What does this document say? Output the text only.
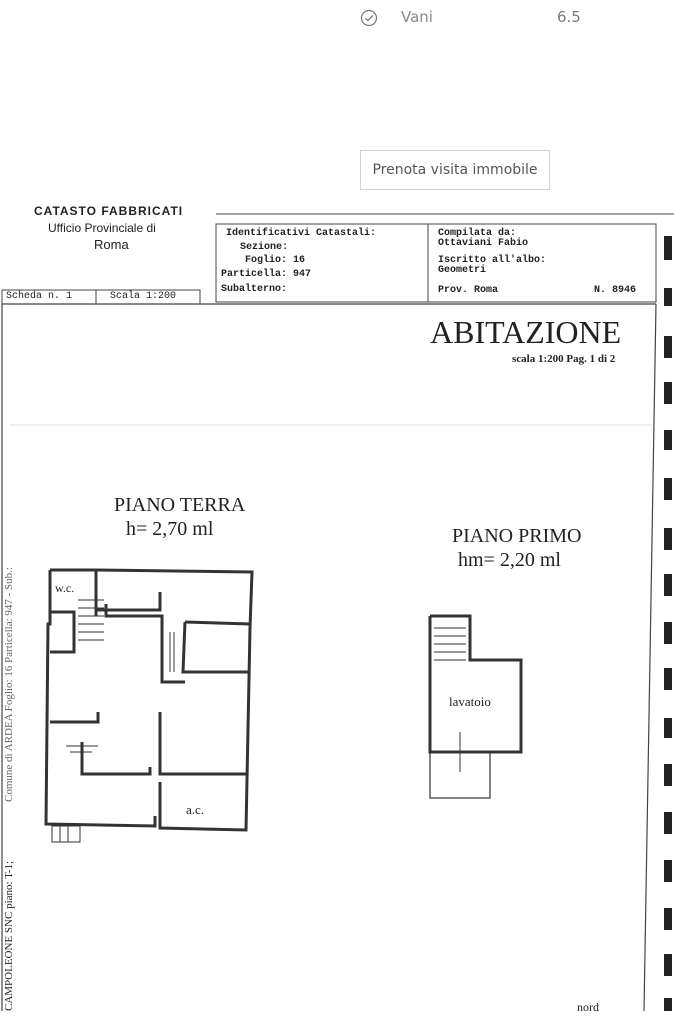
Vani	6.5
Prenota visita immobile
CAMPOLEONE SNC piano: T-1;
Comune di ARDEA Foglio: 16 Particella: 947 - Sub.:
CATASTO FABBRICATI
Ufficio Provinciale di
Roma
Scheda n. 1	Scala 1:200
Identificativi Catastali:
Sezione:
Foglio: 16
Particella: 947
Subalterno:
Compilata da:
Ottaviani Fabio
Iscritto all'albo:
Geometri
Prov. Roma	N. 8946
ABITAZIONE
scala 1:200 Pag. 1 di 2
PIANO TERRA
h= 2,70 ml	PIANO PRIMO
hm= 2,20 ml
w.c.
a.c.
lavatoio
nord
